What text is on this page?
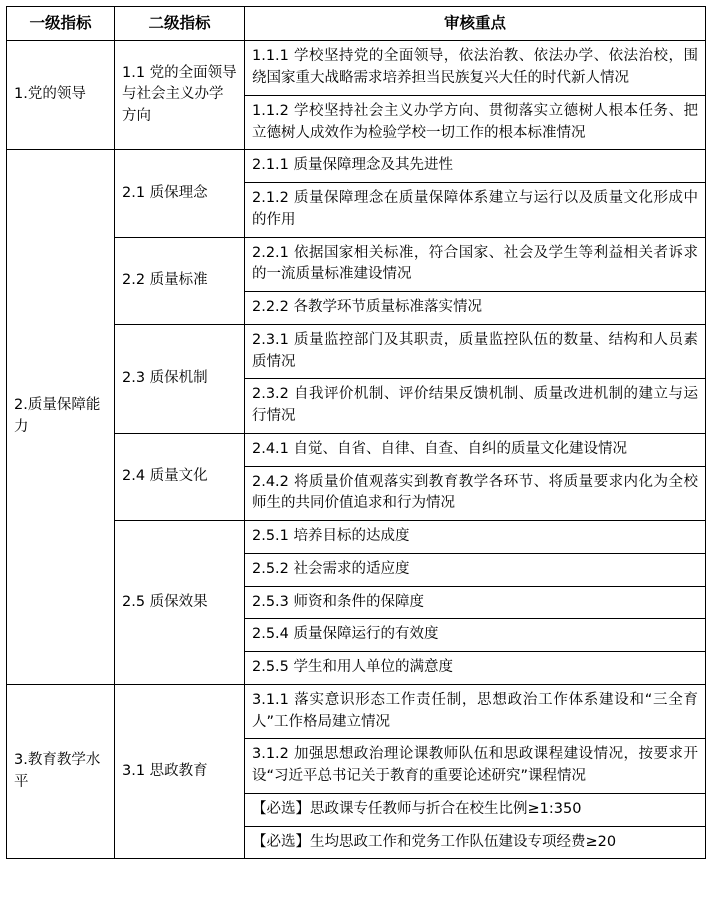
一级指标	二级指标	审核重点
1.党的领导	1.1 党的全面领导与社会主义办学方向	1.1.1 学校坚持党的全面领导，依法治教、依法办学、依法治校，围绕国家重大战略需求培养担当民族复兴大任的时代新人情况
		1.1.2 学校坚持社会主义办学方向、贯彻落实立德树人根本任务、把立德树人成效作为检验学校一切工作的根本标准情况
2.质量保障能力	2.1 质保理念	2.1.1 质量保障理念及其先进性
		2.1.2 质量保障理念在质量保障体系建立与运行以及质量文化形成中的作用
	2.2 质量标准	2.2.1 依据国家相关标准，符合国家、社会及学生等利益相关者诉求的一流质量标准建设情况
		2.2.2 各教学环节质量标准落实情况
	2.3 质保机制	2.3.1 质量监控部门及其职责，质量监控队伍的数量、结构和人员素质情况
		2.3.2 自我评价机制、评价结果反馈机制、质量改进机制的建立与运行情况
	2.4 质量文化	2.4.1 自觉、自省、自律、自查、自纠的质量文化建设情况
		2.4.2 将质量价值观落实到教育教学各环节、将质量要求内化为全校师生的共同价值追求和行为情况
	2.5 质保效果	2.5.1 培养目标的达成度
		2.5.2 社会需求的适应度
		2.5.3 师资和条件的保障度
		2.5.4 质量保障运行的有效度
		2.5.5 学生和用人单位的满意度
3.教育教学水平	3.1 思政教育	3.1.1 落实意识形态工作责任制，思想政治工作体系建设和“三全育人”工作格局建立情况
		3.1.2 加强思想政治理论课教师队伍和思政课程建设情况，按要求开设“习近平总书记关于教育的重要论述研究”课程情况
		【必选】思政课专任教师与折合在校生比例≥1:350
		【必选】生均思政工作和党务工作队伍建设专项经费≥20
